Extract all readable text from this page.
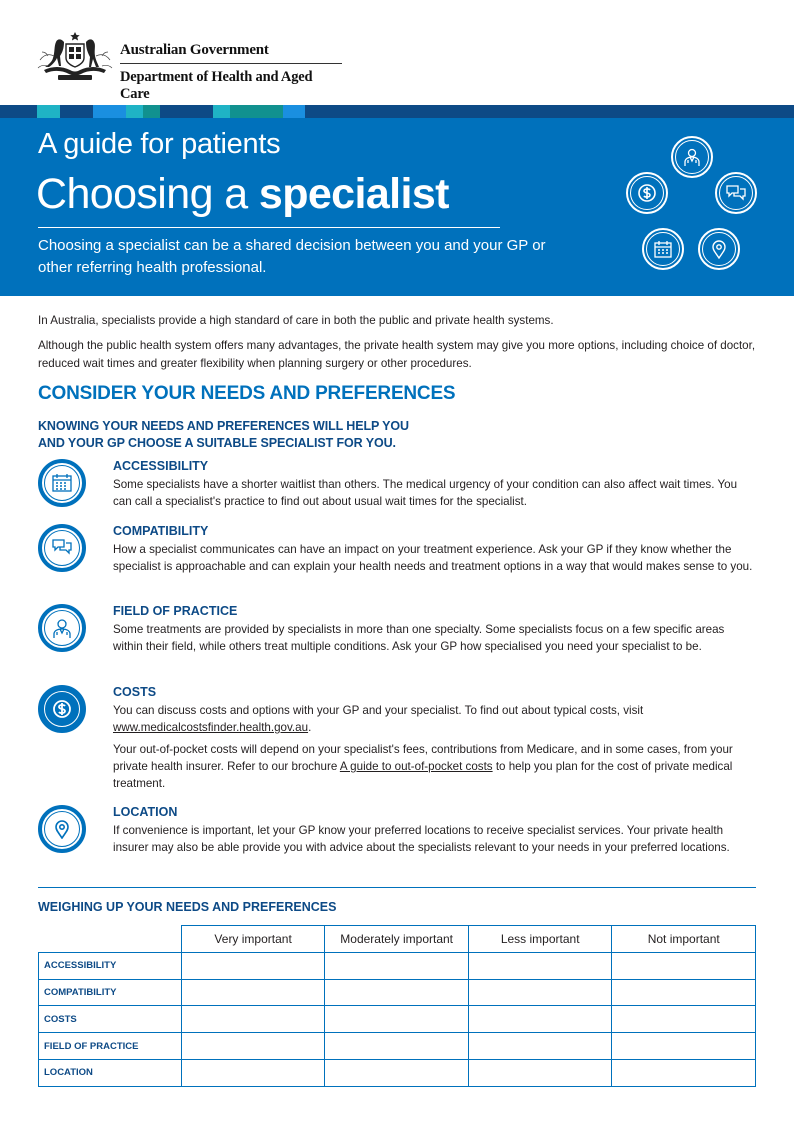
Australian Government
Department of Health and Aged Care
A guide for patients
Choosing a specialist
Choosing a specialist can be a shared decision between you and your GP or other referring health professional.

In Australia, specialists provide a high standard of care in both the public and private health systems.

Although the public health system offers many advantages, the private health system may give you more options, including choice of doctor, reduced wait times and greater flexibility when planning surgery or other procedures.

CONSIDER YOUR NEEDS AND PREFERENCES
KNOWING YOUR NEEDS AND PREFERENCES WILL HELP YOU
AND YOUR GP CHOOSE A SUITABLE SPECIALIST FOR YOU.
ACCESSIBILITY
Some specialists have a shorter waitlist than others. The medical urgency of your condition can also affect wait times. You can call a specialist's practice to find out about usual wait times for the specialist.
COMPATIBILITY
How a specialist communicates can have an impact on your treatment experience. Ask your GP if they know whether the specialist is approachable and can explain your health needs and treatment options in a way that would makes sense to you.
FIELD OF PRACTICE
Some treatments are provided by specialists in more than one specialty. Some specialists focus on a few specific areas within their field, while others treat multiple conditions. Ask your GP how specialised you need your specialist to be.
COSTS

You can discuss costs and options with your GP and your specialist. To find out about typical costs, visit www.medicalcostsfinder.health.gov.au.

Your out-of-pocket costs will depend on your specialist's fees, contributions from Medicare, and in some cases, from your private health insurer. Refer to our brochure A guide to out-of-pocket costs to help you plan for the cost of private medical treatment.

LOCATION
If convenience is important, let your GP know your preferred locations to receive specialist services. Your private health insurer may also be able provide you with advice about the specialists relevant to your needs in your preferred locations.
WEIGHING UP YOUR NEEDS AND PREFERENCES
	Very important	Moderately important	Less important	Not important
ACCESSIBILITY				
COMPATIBILITY				
COSTS				
FIELD OF PRACTICE				
LOCATION				
